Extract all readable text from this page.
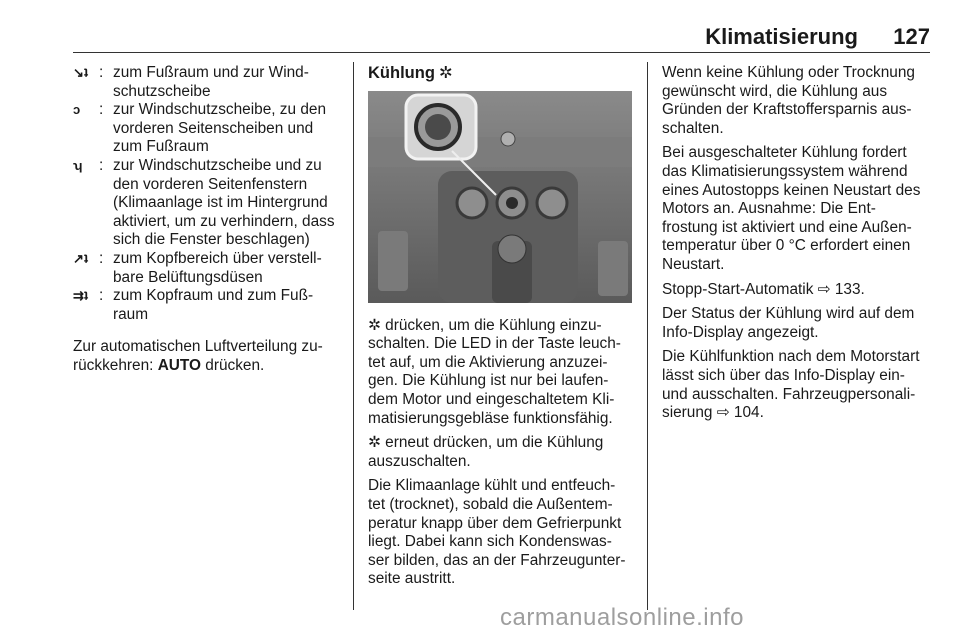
Klimatisierung 127
↘ʇ : zum Fußraum und zur Wind- schutzscheibe
ↄ	: zur Windschutzscheibe, zu den vorderen Seitenscheiben und zum Fußraum
ʮ	: zur Windschutzscheibe und zu den vorderen Seitenfenstern (Klimaanlage ist im Hintergrund aktiviert, um zu verhindern, dass sich die Fenster beschlagen)
↗ʇ : zum Kopfbereich über verstell- bare Belüftungsdüsen
⇉ʇ : zum Kopfraum und zum Fuß- raum

Zur automatischen Luftverteilung zu- rückkehren: AUTO drücken.

Kühlung ✲

✲ drücken, um die Kühlung einzu- schalten. Die LED in der Taste leuch- tet auf, um die Aktivierung anzuzei- gen. Die Kühlung ist nur bei laufen- dem Motor und eingeschaltetem Kli- matisierungsgebläse funktionsfähig.

✲ erneut drücken, um die Kühlung auszuschalten.

Die Klimaanlage kühlt und entfeuch- tet (trocknet), sobald die Außentem- peratur knapp über dem Gefrierpunkt liegt. Dabei kann sich Kondenswas- ser bilden, das an der Fahrzeugunter- seite austritt.

Wenn keine Kühlung oder Trocknung gewünscht wird, die Kühlung aus Gründen der Kraftstoffersparnis aus- schalten.

Bei ausgeschalteter Kühlung fordert das Klimatisierungssystem während eines Autostopps keinen Neustart des Motors an. Ausnahme: Die Ent- frostung ist aktiviert und eine Außen- temperatur über 0 °C erfordert einen Neustart.

Stopp-Start-Automatik ⇨ 133.

Der Status der Kühlung wird auf dem Info-Display angezeigt.

Die Kühlfunktion nach dem Motorstart lässt sich über das Info-Display ein- und ausschalten. Fahrzeugpersonali- sierung ⇨ 104.

carmanualsonline.info
